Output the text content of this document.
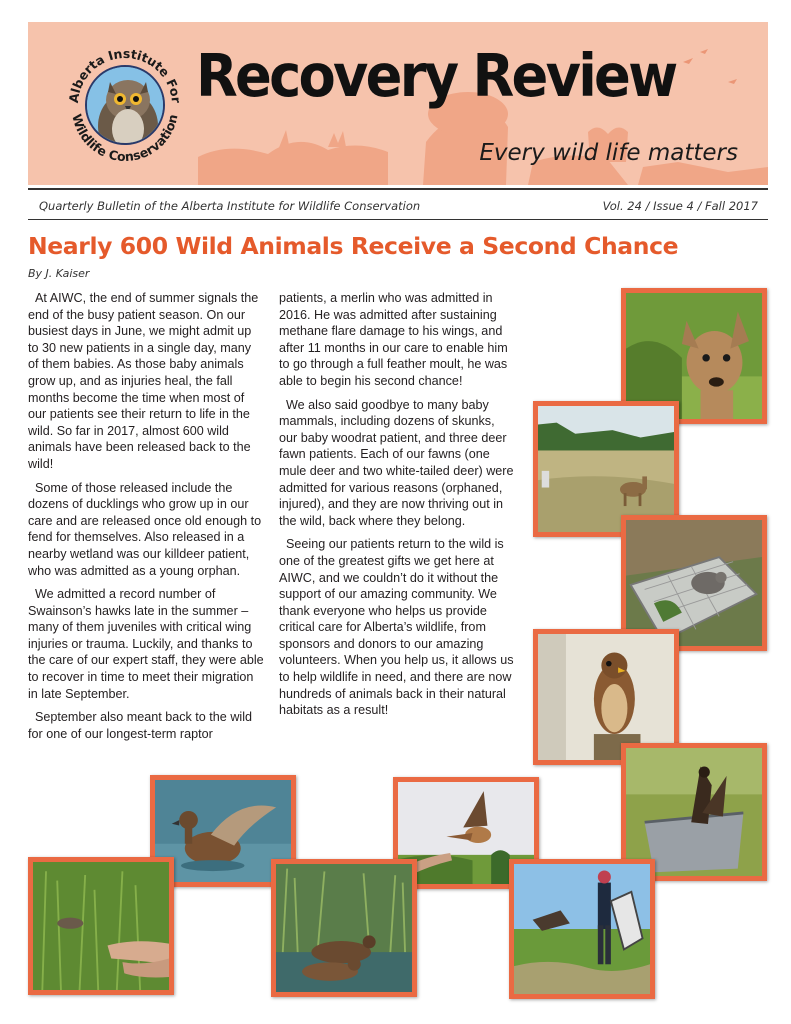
Alberta Institute For
Wildlife Conservation
Recovery Review

Every wild life matters

Quarterly Bulletin of the Alberta Institute for Wildlife Conservation	Vol. 24 / Issue 4 / Fall 2017
Nearly 600 Wild Animals Receive a Second Chance

By J. Kaiser

At AIWC, the end of summer signals the end of the busy patient season. On our busiest days in June, we might admit up to 30 new patients in a single day, many of them babies. As those baby animals grow up, and as injuries heal, the fall months become the time when most of our patients see their return to life in the wild. So far in 2017, almost 600 wild animals have been released back to the wild!

Some of those released include the dozens of ducklings who grow up in our care and are released once old enough to fend for themselves. Also released in a nearby wetland was our killdeer patient, who was admitted as a young orphan.

We admitted a record number of Swainson’s hawks late in the summer – many of them juveniles with critical wing injuries or trauma. Luckily, and thanks to the care of our expert staff, they were able to recover in time to meet their migration in late September.

September also meant back to the wild for one of our longest-term raptor

patients, a merlin who was admitted in 2016. He was admitted after sustaining methane flare damage to his wings, and after 11 months in our care to enable him to go through a full feather moult, he was able to begin his second chance!

We also said goodbye to many baby mammals, including dozens of skunks, our baby woodrat patient, and three deer fawn patients. Each of our fawns (one mule deer and two white-tailed deer) were admitted for various reasons (orphaned, injured), and they are now thriving out in the wild, back where they belong.

Seeing our patients return to the wild is one of the greatest gifts we get here at AIWC, and we couldn’t do it without the support of our amazing community. We thank everyone who helps us provide critical care for Alberta’s wildlife, from sponsors and donors to our amazing volunteers. When you help us, it allows us to help wildlife in need, and there are now hundreds of animals back in their natural habitats as a result!
